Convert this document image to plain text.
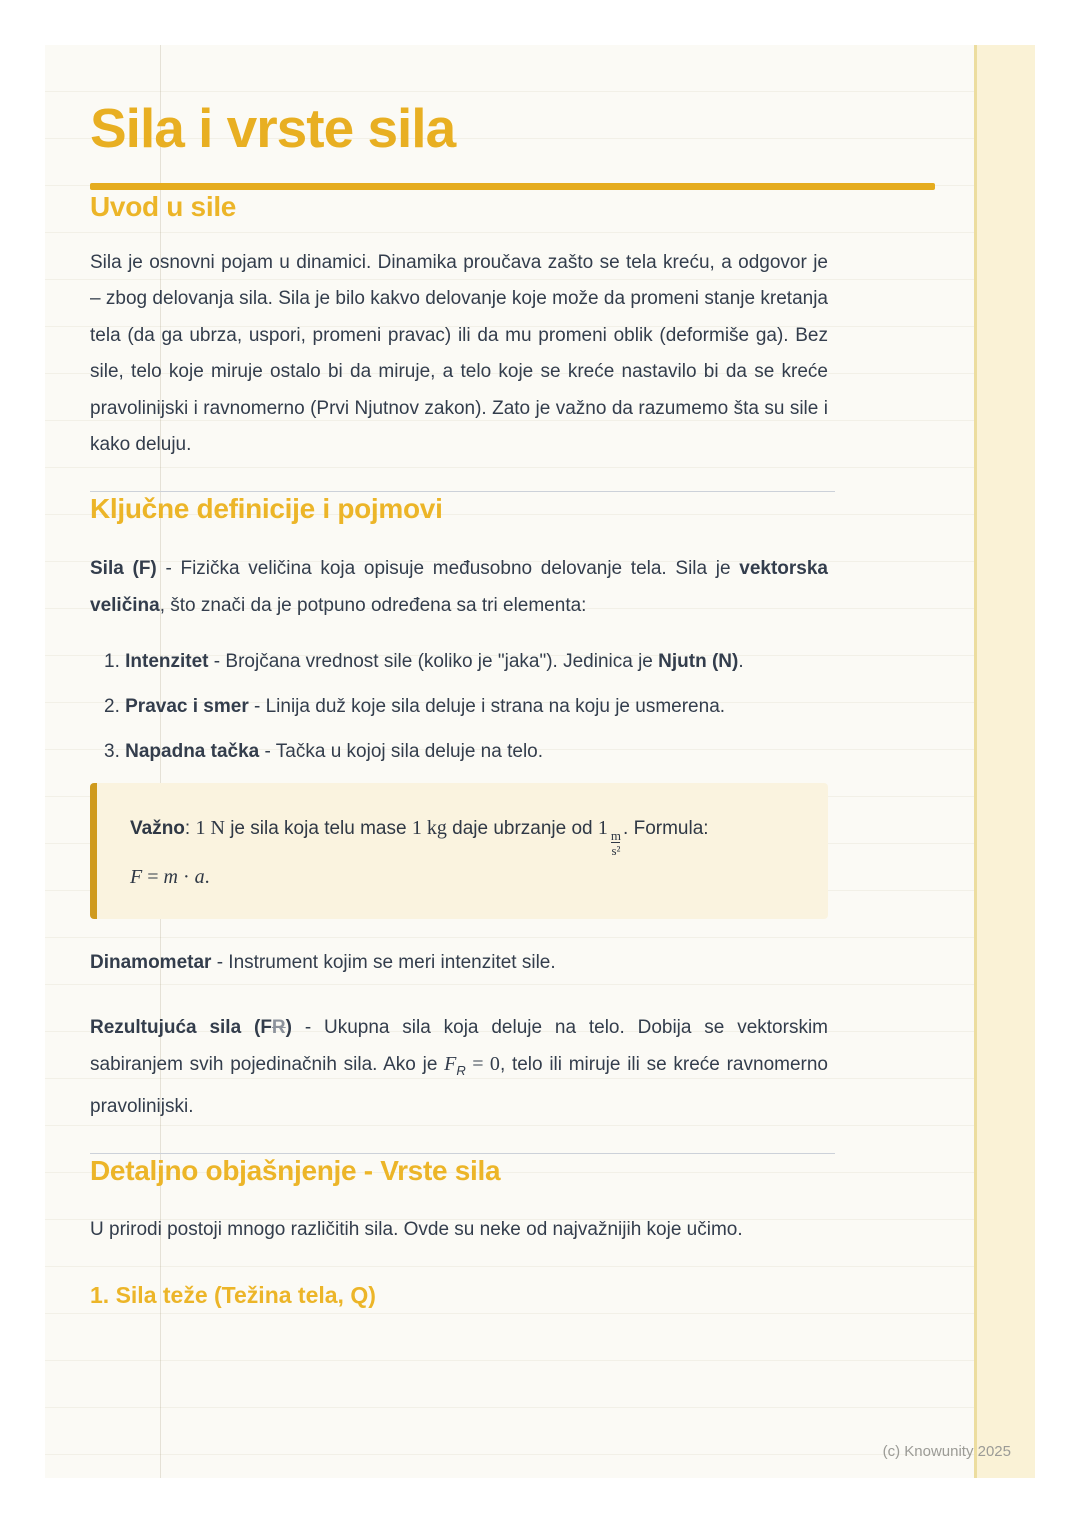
Sila i vrste sila
Uvod u sile

Sila je osnovni pojam u dinamici. Dinamika proučava zašto se tela kreću, a odgovor je – zbog delovanja sila. Sila je bilo kakvo delovanje koje može da promeni stanje kretanja tela (da ga ubrza, uspori, promeni pravac) ili da mu promeni oblik (deformiše ga). Bez sile, telo koje miruje ostalo bi da miruje, a telo koje se kreće nastavilo bi da se kreće pravolinijski i ravnomerno (Prvi Njutnov zakon). Zato je važno da razumemo šta su sile i kako deluju.

Ključne definicije i pojmovi

Sila (F) - Fizička veličina koja opisuje međusobno delovanje tela. Sila je vektorska veličina, što znači da je potpuno određena sa tri elementa:

1. Intenzitet - Brojčana vrednost sile (koliko je "jaka"). Jedinica je Njutn (N).
2. Pravac i smer - Linija duž koje sila deluje i strana na koju je usmerena.
3. Napadna tačka - Tačka u kojoj sila deluje na telo.
Važno: 1 N je sila koja telu mase 1 kg daje ubrzanje od 1
$\frac{m}{\text{s²}}$
. Formula:
F = m · a.

Dinamometar - Instrument kojim se meri intenzitet sile.

Rezultujuća sila (FR) - Ukupna sila koja deluje na telo. Dobija se vektorskim sabiranjem svih pojedinačnih sila. Ako je $F_R = 0$, telo ili miruje ili se kreće ravnomerno pravolinijski.

Detaljno objašnjenje - Vrste sila

U prirodi postoji mnogo različitih sila. Ovde su neke od najvažnijih koje učimo.

1. Sila teže (Težina tela, Q)
(c) Knowunity 2025
